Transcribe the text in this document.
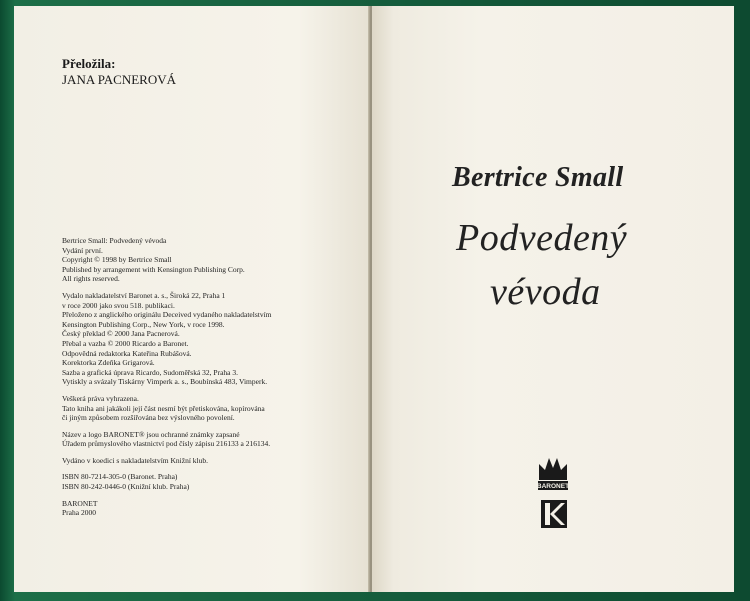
Přeložila:
JANA PACNEROVÁ

Bertrice Small: Podvedený vévoda
Vydání první.
Copyright © 1998 by Bertrice Small
Published by arrangement with Kensington Publishing Corp.
All rights reserved.

Vydalo nakladatelství Baronet a. s., Široká 22, Praha 1
v roce 2000 jako svou 518. publikaci.
Přeloženo z anglického originálu Deceived vydaného nakladatelstvím
Kensington Publishing Corp., New York, v roce 1998.
Český překlad © 2000 Jana Pacnerová.
Přebal a vazba © 2000 Ricardo a Baronet.
Odpovědná redaktorka Kateřina Rubášová.
Korektorka Zdeňka Grigarová.
Sazba a grafická úprava Ricardo, Sudoměřská 32, Praha 3.
Vytiskly a svázaly Tiskárny Vimperk a. s., Boubínská 483, Vimperk.

Veškerá práva vyhrazena.
Tato kniha ani jakákoli její část nesmí být přetiskována, kopírována
či jiným způsobem rozšiřována bez výslovného povolení.

Název a logo BARONET® jsou ochranné známky zapsané
Úřadem průmyslového vlastnictví pod čísly zápisu 216133 a 216134.

Vydáno v koedici s nakladatelstvím Knižní klub.

ISBN 80-7214-305-0 (Baronet. Praha)
ISBN 80-242-0446-0 (Knižní klub. Praha)

BARONET
Praha 2000

Bertrice Small
Podvedený
vévoda
BARONET
